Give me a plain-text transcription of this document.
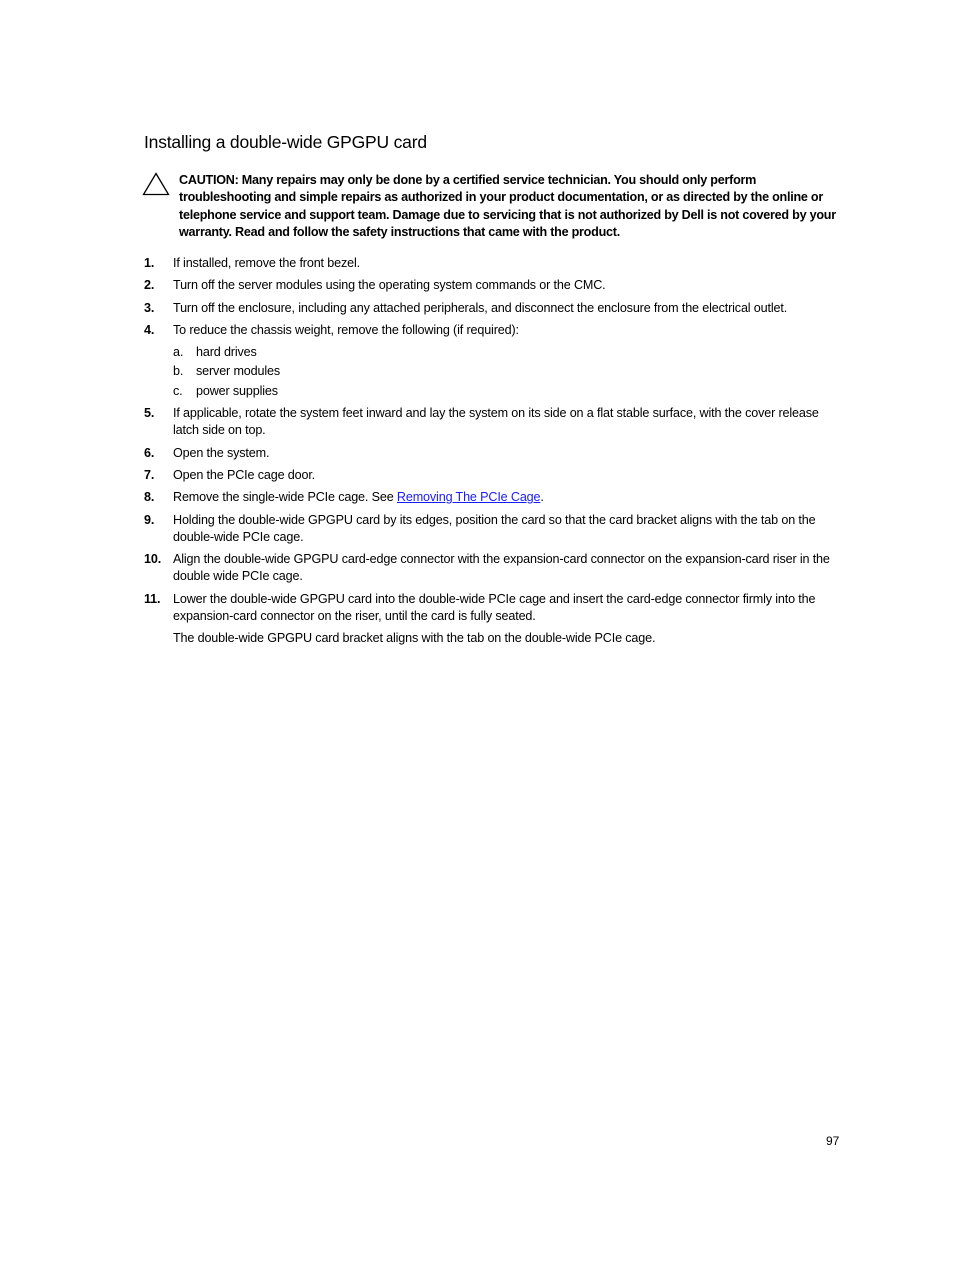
Installing a double-wide GPGPU card
CAUTION: Many repairs may only be done by a certified service technician. You should only perform troubleshooting and simple repairs as authorized in your product documentation, or as directed by the online or telephone service and support team. Damage due to servicing that is not authorized by Dell is not covered by your warranty. Read and follow the safety instructions that came with the product.
1. If installed, remove the front bezel.
2. Turn off the server modules using the operating system commands or the CMC.
3. Turn off the enclosure, including any attached peripherals, and disconnect the enclosure from the electrical outlet.
4. To reduce the chassis weight, remove the following (if required):
a. hard drives
b. server modules
c. power supplies
5. If applicable, rotate the system feet inward and lay the system on its side on a flat stable surface, with the cover release latch side on top.
6. Open the system.
7. Open the PCIe cage door.
8. Remove the single-wide PCIe cage. See Removing The PCIe Cage.
9. Holding the double-wide GPGPU card by its edges, position the card so that the card bracket aligns with the tab on the double-wide PCIe cage.
10. Align the double-wide GPGPU card-edge connector with the expansion-card connector on the expansion-card riser in the double wide PCIe cage.
11. Lower the double-wide GPGPU card into the double-wide PCIe cage and insert the card-edge connector firmly into the expansion-card connector on the riser, until the card is fully seated.
The double-wide GPGPU card bracket aligns with the tab on the double-wide PCIe cage.
97
